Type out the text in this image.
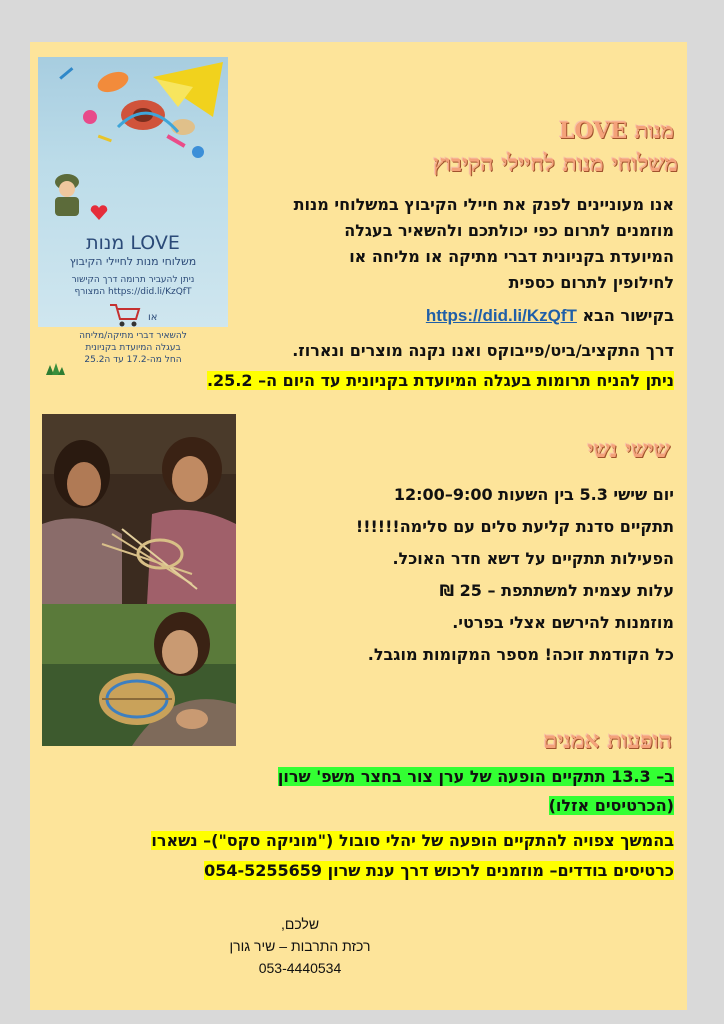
מנות LOVE
משלוחי מנות לחיילי הקיבוץ
ניתן להעביר תרומה דרך הקישור
המצורף https://did.li/KzQfT
או
להשאיר דברי מתיקה/מליחה
בעגלה המיועדת בקניונית
החל מה-17.2 עד ה25.2
מנות LOVE
משלוחי מנות לחיילי הקיבוץ
אנו מעוניינים לפנק את חיילי הקיבוץ במשלוחי מנות
מוזמנים לתרום כפי יכולתכם ולהשאיר בעגלה
המיועדת בקניונית דברי מתיקה או מליחה או
לחילופין לתרום כספית
בקישור הבא https://did.li/KzQfT
דרך התקציב/ביט/פייבוקס ואנו נקנה מוצרים ונארוז.
ניתן להניח תרומות בעגלה המיועדת בקניונית עד היום ה– 25.2.
שישי נשי
יום שישי 5.3 בין השעות 9:00–12:00
תתקיים סדנת קליעת סלים עם סלימה!!!!!!
הפעילות תתקיים על דשא חדר האוכל.
עלות עצמית למשתתפת – 25 ₪
מוזמנות להירשם אצלי בפרטי.
כל הקודמת זוכה! מספר המקומות מוגבל.
הופעות אמנים
ב– 13.3 תתקיים הופעה של ערן צור בחצר משפ' שרון
(הכרטיסים אזלו)
בהמשך צפויה להתקיים הופעה של יהלי סובול ("מוניקה סקס")– נשארו
כרטיסים בודדים– מוזמנים לרכוש דרך ענת שרון 054-5255659
שלכם,
רכזת התרבות – שיר גורן
053-4440534
